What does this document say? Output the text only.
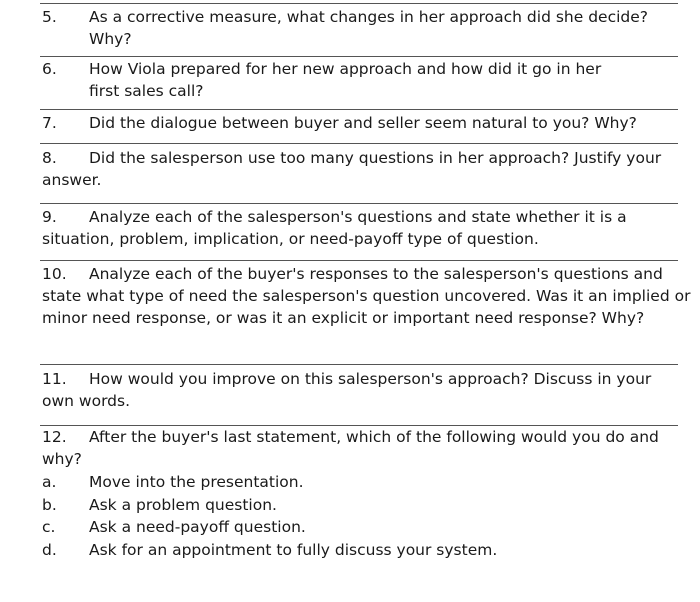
5.	As a corrective measure, what changes in her approach did she decide? Why?
6.	How Viola prepared for her new approach and how did it go in her first sales call?
7.	Did the dialogue between buyer and seller seem natural to you? Why?
8. Did the salesperson use too many questions in her approach? Justify your answer.
9. Analyze each of the salesperson's questions and state whether it is a situation, problem, implication, or need-payoff type of question.
10. Analyze each of the buyer's responses to the salesperson's questions and state what type of need the salesperson's question uncovered. Was it an implied or minor need response, or was it an explicit or important need response? Why?
11. How would you improve on this salesperson's approach? Discuss in your own words.
12. After the buyer's last statement, which of the following would you do and why?
a.	Move into the presentation.
b.	Ask a problem question.
c.	Ask a need-payoff question.
d.	Ask for an appointment to fully discuss your system.
